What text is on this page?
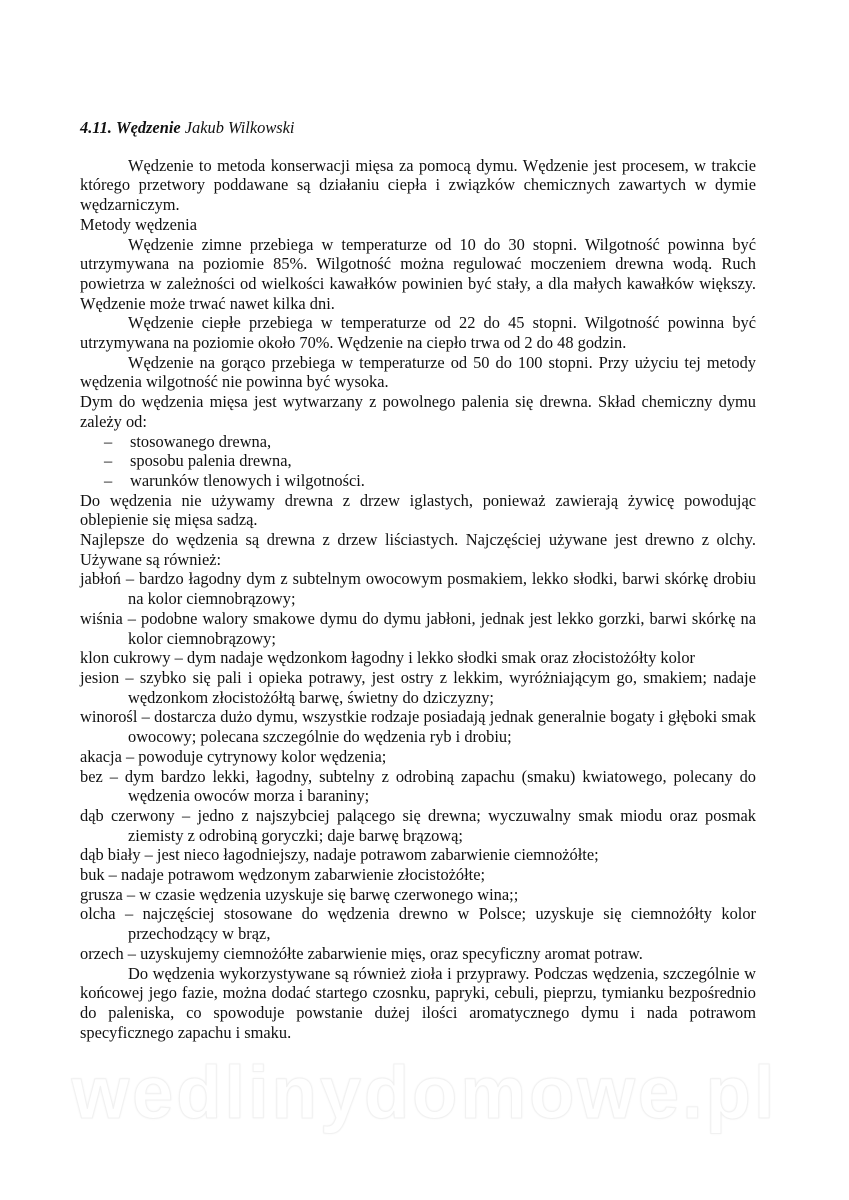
4.11. Wędzenie Jakub Wilkowski

Wędzenie to metoda konserwacji mięsa za pomocą dymu. Wędzenie jest procesem, w trakcie którego przetwory poddawane są działaniu ciepła i związków chemicznych zawartych w dymie wędzarniczym.

Metody wędzenia

Wędzenie zimne przebiega w temperaturze od 10 do 30 stopni. Wilgotność powinna być utrzymywana na poziomie 85%. Wilgotność można regulować moczeniem drewna wodą. Ruch powietrza w zależności od wielkości kawałków powinien być stały, a dla małych kawałków większy. Wędzenie może trwać nawet kilka dni.

Wędzenie ciepłe przebiega w temperaturze od 22 do 45 stopni. Wilgotność powinna być utrzymywana na poziomie około 70%. Wędzenie na ciepło trwa od 2 do 48 godzin.

Wędzenie na gorąco przebiega w temperaturze od 50 do 100 stopni. Przy użyciu tej metody wędzenia wilgotność nie powinna być wysoka.

Dym do wędzenia mięsa jest wytwarzany z powolnego palenia się drewna. Skład chemiczny dymu zależy od:

– stosowanego drewna,
– sposobu palenia drewna,
– warunków tlenowych i wilgotności.

Do wędzenia nie używamy drewna z drzew iglastych, ponieważ zawierają żywicę powodując oblepienie się mięsa sadzą.

Najlepsze do wędzenia są drewna z drzew liściastych. Najczęściej używane jest drewno z olchy. Używane są również:

jabłoń – bardzo łagodny dym z subtelnym owocowym posmakiem, lekko słodki, barwi skórkę drobiu na kolor ciemnobrązowy;

wiśnia – podobne walory smakowe dymu do dymu jabłoni, jednak jest lekko gorzki, barwi skórkę na kolor ciemnobrązowy;

klon cukrowy – dym nadaje wędzonkom łagodny i lekko słodki smak oraz złocistożółty kolor

jesion – szybko się pali i opieka potrawy, jest ostry z lekkim, wyróżniającym go, smakiem; nadaje wędzonkom złocistożółtą barwę, świetny do dziczyzny;

winorośl – dostarcza dużo dymu, wszystkie rodzaje posiadają jednak generalnie bogaty i głęboki smak owocowy; polecana szczególnie do wędzenia ryb i drobiu;

akacja – powoduje cytrynowy kolor wędzenia;

bez – dym bardzo lekki, łagodny, subtelny z odrobiną zapachu (smaku) kwiatowego, polecany do wędzenia owoców morza i baraniny;

dąb czerwony – jedno z najszybciej palącego się drewna; wyczuwalny smak miodu oraz posmak ziemisty z odrobiną goryczki; daje barwę brązową;

dąb biały – jest nieco łagodniejszy, nadaje potrawom zabarwienie ciemnożółte;

buk – nadaje potrawom wędzonym zabarwienie złocistożółte;

grusza – w czasie wędzenia uzyskuje się barwę czerwonego wina;;

olcha – najczęściej stosowane do wędzenia drewno w Polsce; uzyskuje się ciemnożółty kolor przechodzący w brąz,

orzech – uzyskujemy ciemnożółte zabarwienie mięs, oraz specyficzny aromat potraw.

Do wędzenia wykorzystywane są również zioła i przyprawy. Podczas wędzenia, szczególnie w końcowej jego fazie, można dodać startego czosnku, papryki, cebuli, pieprzu, tymianku bezpośrednio do paleniska, co spowoduje powstanie dużej ilości aromatycznego dymu i nada potrawom specyficznego zapachu i smaku.

wedlinydomowe.pl
